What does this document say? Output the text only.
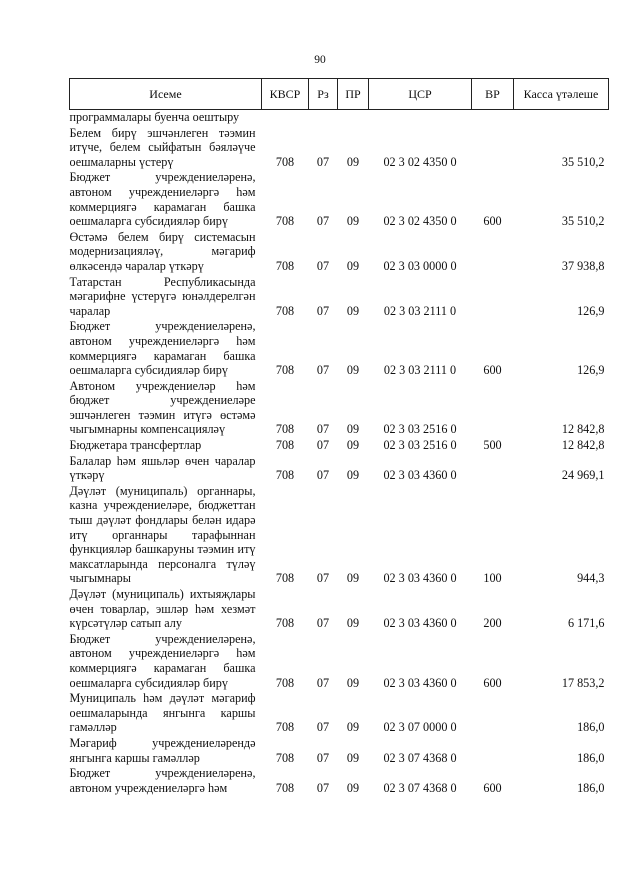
90
Исеме	КВСР	Рз	ПР	ЦСР	ВР	Касса үтәлеше
программалары буенча оештыру						
Белем бирү эшчәнлеген тәэмин итүче, белем сыйфатын бәяләүче оешмаларны үстерү	708	07	09	02 3 02 4350 0		35 510,2
Бюджет учреждениеләренә, автоном учреждениеләргә һәм коммерциягә карамаган башка оешмаларга субсидияләр бирү	708	07	09	02 3 02 4350 0	600	35 510,2
Өстәмә белем бирү системасын модернизацияләү, мәгариф өлкәсендә чаралар үткәрү	708	07	09	02 3 03 0000 0		37 938,8
Татарстан Республикасында мәгарифне үстерүгә юнәлдерелгән чаралар	708	07	09	02 3 03 2111 0		126,9
Бюджет учреждениеләренә, автоном учреждениеләргә һәм коммерциягә карамаган башка оешмаларга субсидияләр бирү	708	07	09	02 3 03 2111 0	600	126,9
Автоном учреждениеләр һәм бюджет учреждениеләре эшчәнлеген тәэмин итүгә өстәмә чыгымнарны компенсацияләү	708	07	09	02 3 03 2516 0		12 842,8
Бюджетара трансфертлар	708	07	09	02 3 03 2516 0	500	12 842,8
Балалар һәм яшьләр өчен чаралар үткәрү	708	07	09	02 3 03 4360 0		24 969,1
Дәүләт (муниципаль) органнары, казна учреждениеләре, бюджеттан тыш дәүләт фондлары белән идарә итү органнары тарафыннан функцияләр башкаруны тәэмин итү максатларында персоналга түләү чыгымнары	708	07	09	02 3 03 4360 0	100	944,3
Дәүләт (муниципаль) ихтыяҗлары өчен товарлар, эшләр һәм хезмәт күрсәтүләр сатып алу	708	07	09	02 3 03 4360 0	200	6 171,6
Бюджет учреждениеләренә, автоном учреждениеләргә һәм коммерциягә карамаган башка оешмаларга субсидияләр бирү	708	07	09	02 3 03 4360 0	600	17 853,2
Муниципаль һәм дәүләт мәгариф оешмаларында янгынга каршы гамәлләр	708	07	09	02 3 07 0000 0		186,0
Мәгариф учреждениеләрендә янгынга каршы гамәлләр	708	07	09	02 3 07 4368 0		186,0
Бюджет учреждениеләренә, автоном учреждениеләргә һәм	708	07	09	02 3 07 4368 0	600	186,0
